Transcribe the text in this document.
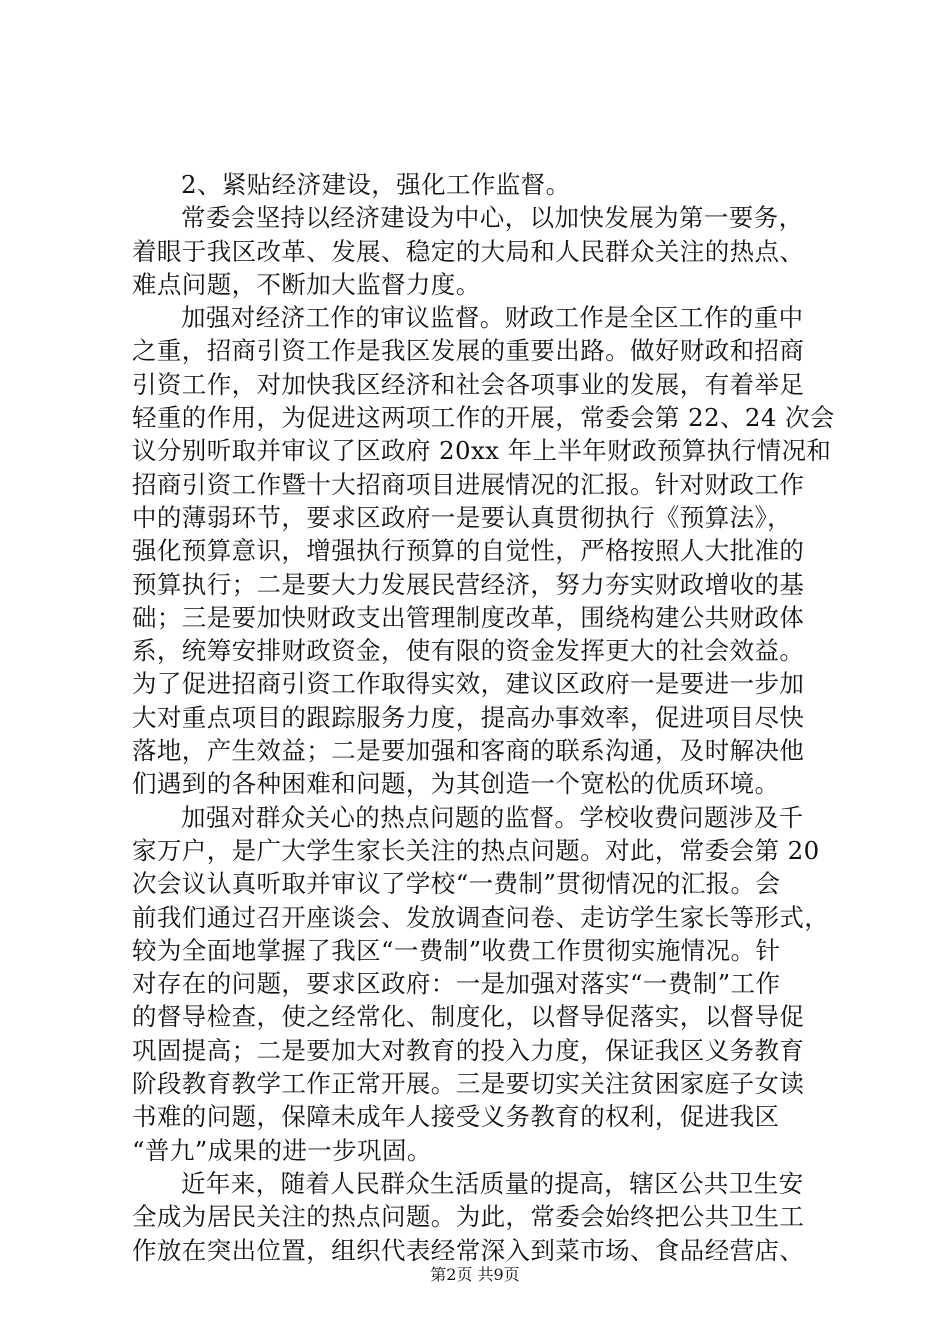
2、紧贴经济建设，强化工作监督。
常委会坚持以经济建设为中心，以加快发展为第一要务，
着眼于我区改革、发展、稳定的大局和人民群众关注的热点、
难点问题，不断加大监督力度。
加强对经济工作的审议监督。财政工作是全区工作的重中
之重，招商引资工作是我区发展的重要出路。做好财政和招商
引资工作，对加快我区经济和社会各项事业的发展，有着举足
轻重的作用，为促进这两项工作的开展，常委会第 22、24 次会
议分别听取并审议了区政府 20xx 年上半年财政预算执行情况和
招商引资工作暨十大招商项目进展情况的汇报。针对财政工作
中的薄弱环节，要求区政府一是要认真贯彻执行《预算法》，
强化预算意识，增强执行预算的自觉性，严格按照人大批准的
预算执行；二是要大力发展民营经济，努力夯实财政增收的基
础；三是要加快财政支出管理制度改革，围绕构建公共财政体
系，统筹安排财政资金，使有限的资金发挥更大的社会效益。
为了促进招商引资工作取得实效，建议区政府一是要进一步加
大对重点项目的跟踪服务力度，提高办事效率，促进项目尽快
落地，产生效益；二是要加强和客商的联系沟通，及时解决他
们遇到的各种困难和问题，为其创造一个宽松的优质环境。
加强对群众关心的热点问题的监督。学校收费问题涉及千
家万户，是广大学生家长关注的热点问题。对此，常委会第 20
次会议认真听取并审议了学校“一费制”贯彻情况的汇报。会
前我们通过召开座谈会、发放调查问卷、走访学生家长等形式，
较为全面地掌握了我区“一费制”收费工作贯彻实施情况。针
对存在的问题，要求区政府：一是加强对落实“一费制”工作
的督导检查，使之经常化、制度化，以督导促落实，以督导促
巩固提高；二是要加大对教育的投入力度，保证我区义务教育
阶段教育教学工作正常开展。三是要切实关注贫困家庭子女读
书难的问题，保障未成年人接受义务教育的权利，促进我区
“普九”成果的进一步巩固。
近年来，随着人民群众生活质量的提高，辖区公共卫生安
全成为居民关注的热点问题。为此，常委会始终把公共卫生工
作放在突出位置，组织代表经常深入到菜市场、食品经营店、
第2页 共9页
